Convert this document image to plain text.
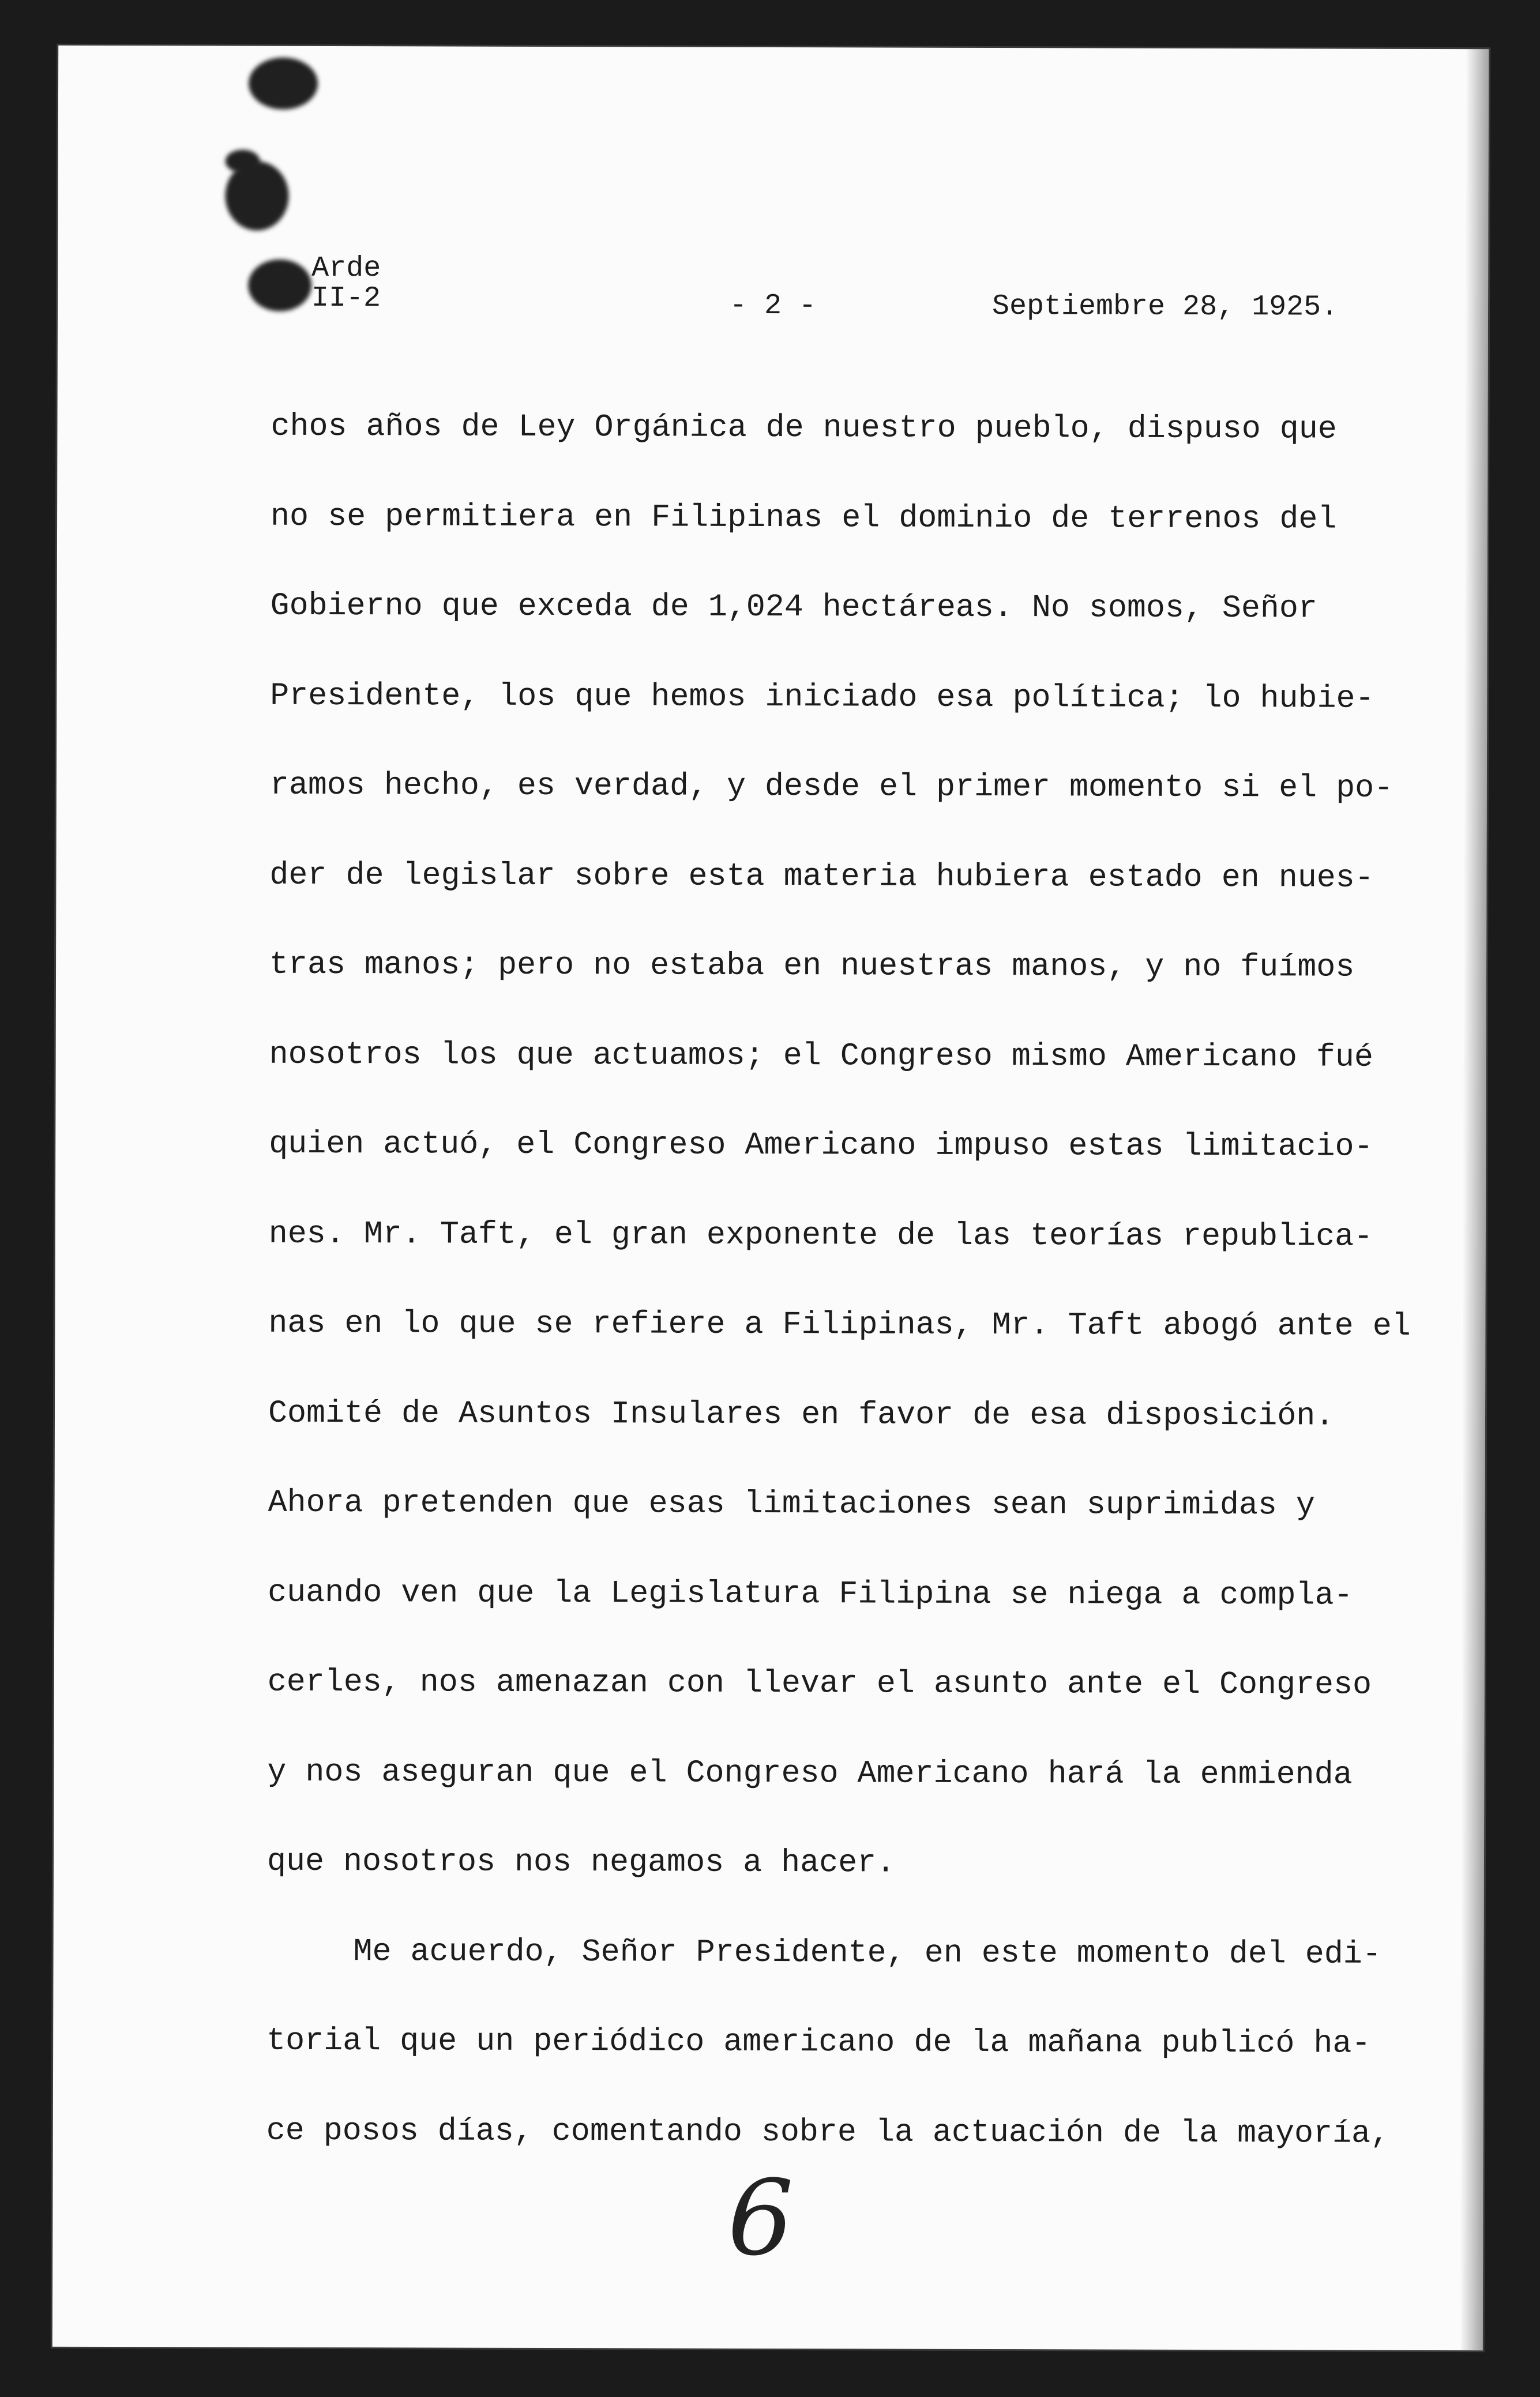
Arde
II-2	- 2 -	Septiembre 28, 1925.
chos años de Ley Orgánica de nuestro pueblo, dispuso que
no se permitiera en Filipinas el dominio de terrenos del
Gobierno que exceda de 1,024 hectáreas. No somos, Señor
Presidente, los que hemos iniciado esa política; lo hubie-
ramos hecho, es verdad, y desde el primer momento si el po-
der de legislar sobre esta materia hubiera estado en nues-
tras manos; pero no estaba en nuestras manos, y no fuímos
nosotros los que actuamos; el Congreso mismo Americano fué
quien actuó, el Congreso Americano impuso estas limitacio-
nes. Mr. Taft, el gran exponente de las teorías republica-
nas en lo que se refiere a Filipinas, Mr. Taft abogó ante el
Comité de Asuntos Insulares en favor de esa disposición.
Ahora pretenden que esas limitaciones sean suprimidas y
cuando ven que la Legislatura Filipina se niega a compla-
cerles, nos amenazan con llevar el asunto ante el Congreso
y nos aseguran que el Congreso Americano hará la enmienda
que nosotros nos negamos a hacer.
Me acuerdo, Señor Presidente, en este momento del edi-
torial que un periódico americano de la mañana publicó ha-
ce posos días, comentando sobre la actuación de la mayoría,
6
